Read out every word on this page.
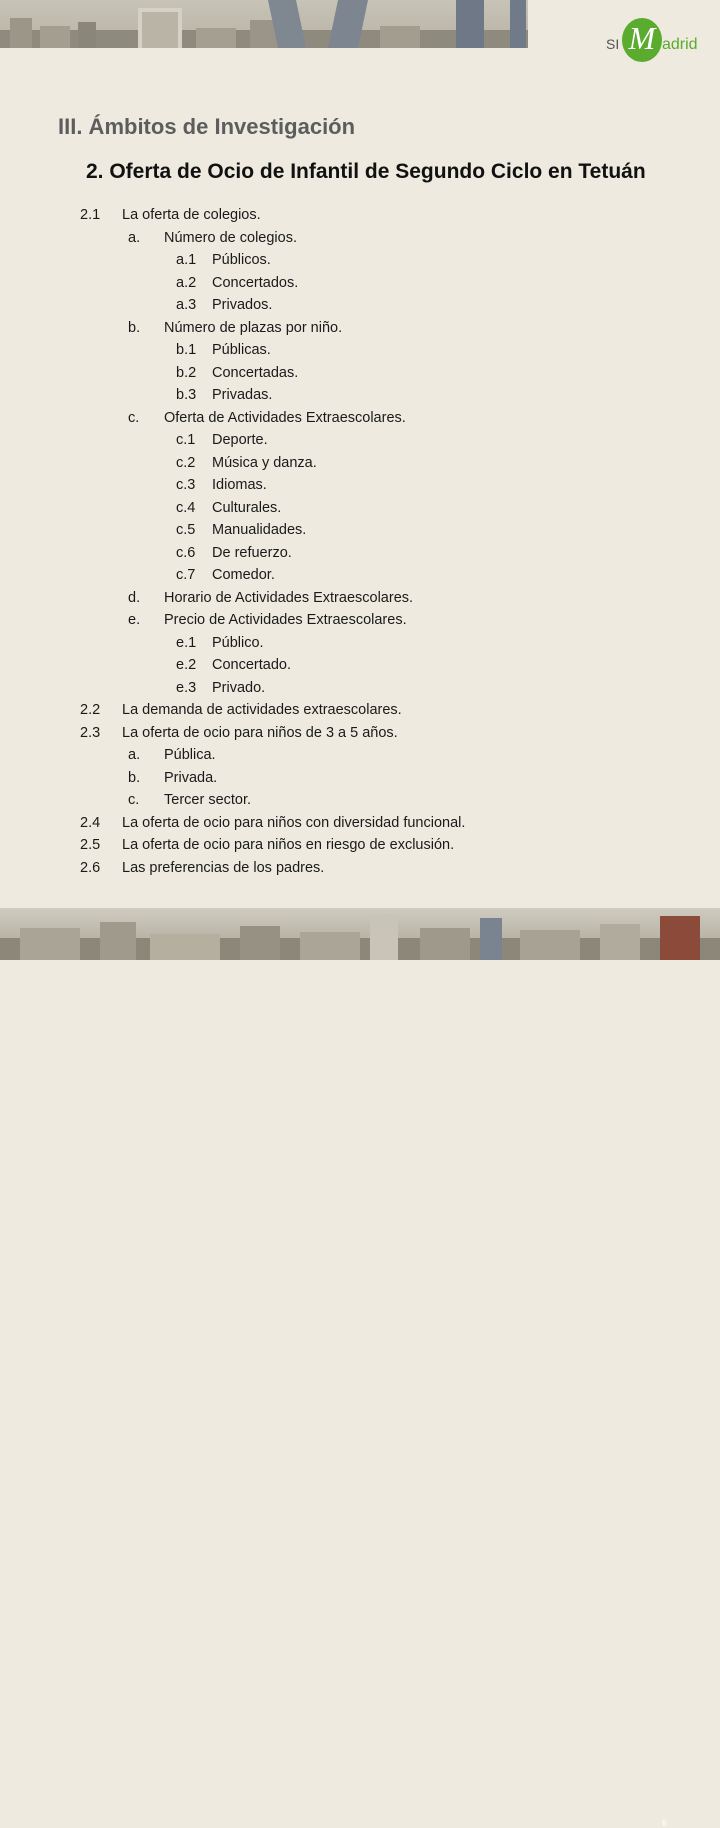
SI M adrid
III. Ámbitos de Investigación
2. Oferta de Ocio de Infantil de Segundo Ciclo en Tetuán
2.1 La oferta de colegios.
a. Número de colegios.
a.1 Públicos.
a.2 Concertados.
a.3 Privados.
b. Número de plazas por niño.
b.1 Públicas.
b.2 Concertadas.
b.3 Privadas.
c. Oferta de Actividades Extraescolares.
c.1 Deporte.
c.2 Música y danza.
c.3 Idiomas.
c.4 Culturales.
c.5 Manualidades.
c.6 De refuerzo.
c.7 Comedor.
d. Horario de Actividades Extraescolares.
e. Precio de Actividades Extraescolares.
e.1 Público.
e.2 Concertado.
e.3 Privado.
2.2 La demanda de actividades extraescolares.
2.3 La oferta de ocio para niños de 3 a 5 años.
a. Pública.
b. Privada.
c. Tercer sector.
2.4 La oferta de ocio para niños con diversidad funcional.
2.5 La oferta de ocio para niños en riesgo de exclusión.
2.6 Las preferencias de los padres.
6
